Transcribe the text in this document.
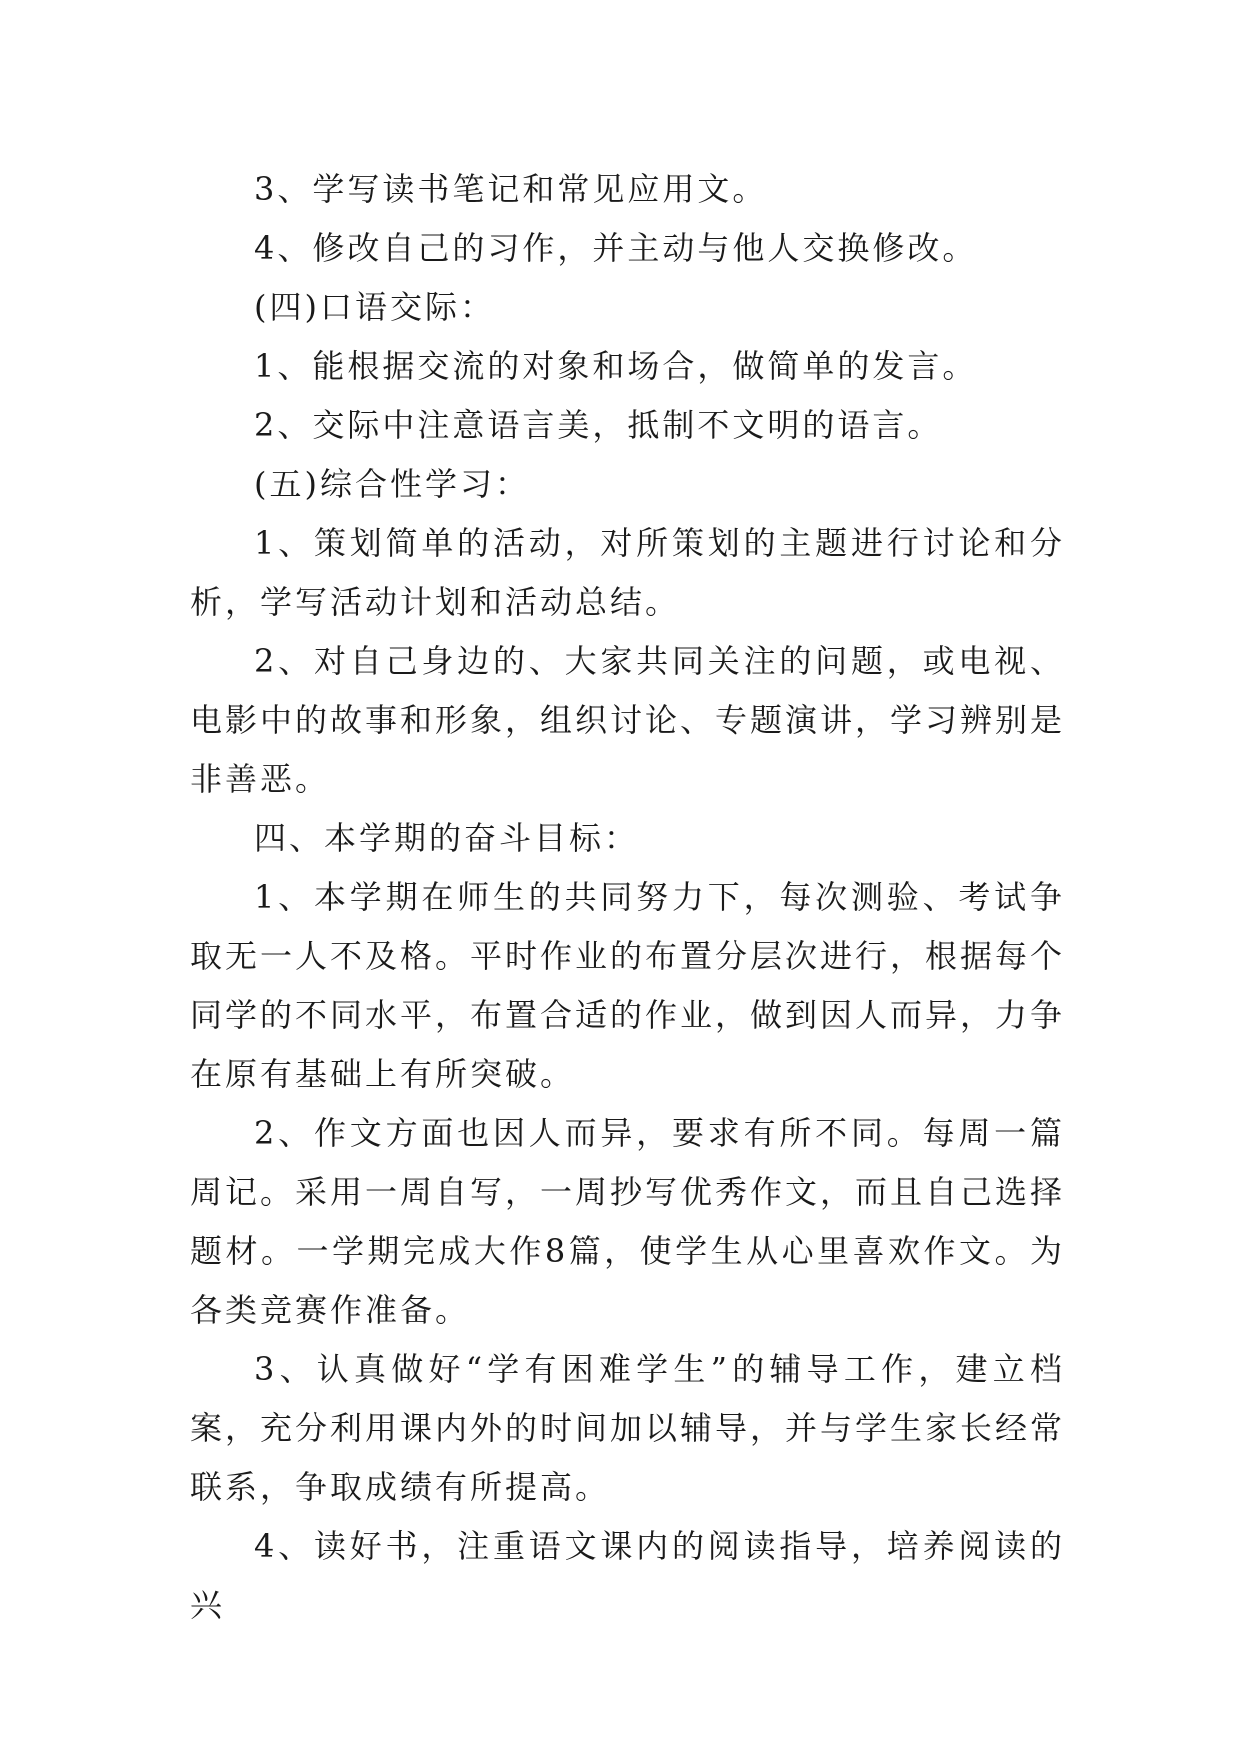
3、学写读书笔记和常见应用文。

4、修改自己的习作，并主动与他人交换修改。

(四)口语交际：

1、能根据交流的对象和场合，做简单的发言。

2、交际中注意语言美，抵制不文明的语言。

(五)综合性学习：

1、策划简单的活动，对所策划的主题进行讨论和分析，学写活动计划和活动总结。

2、对自己身边的、大家共同关注的问题，或电视、电影中的故事和形象，组织讨论、专题演讲，学习辨别是非善恶。

四、本学期的奋斗目标：

1、本学期在师生的共同努力下，每次测验、考试争取无一人不及格。平时作业的布置分层次进行，根据每个同学的不同水平，布置合适的作业，做到因人而异，力争在原有基础上有所突破。

2、作文方面也因人而异，要求有所不同。每周一篇周记。采用一周自写，一周抄写优秀作文，而且自己选择题材。一学期完成大作8篇，使学生从心里喜欢作文。为各类竞赛作准备。

3、认真做好“学有困难学生”的辅导工作，建立档案，充分利用课内外的时间加以辅导，并与学生家长经常联系，争取成绩有所提高。

4、读好书，注重语文课内的阅读指导，培养阅读的兴
